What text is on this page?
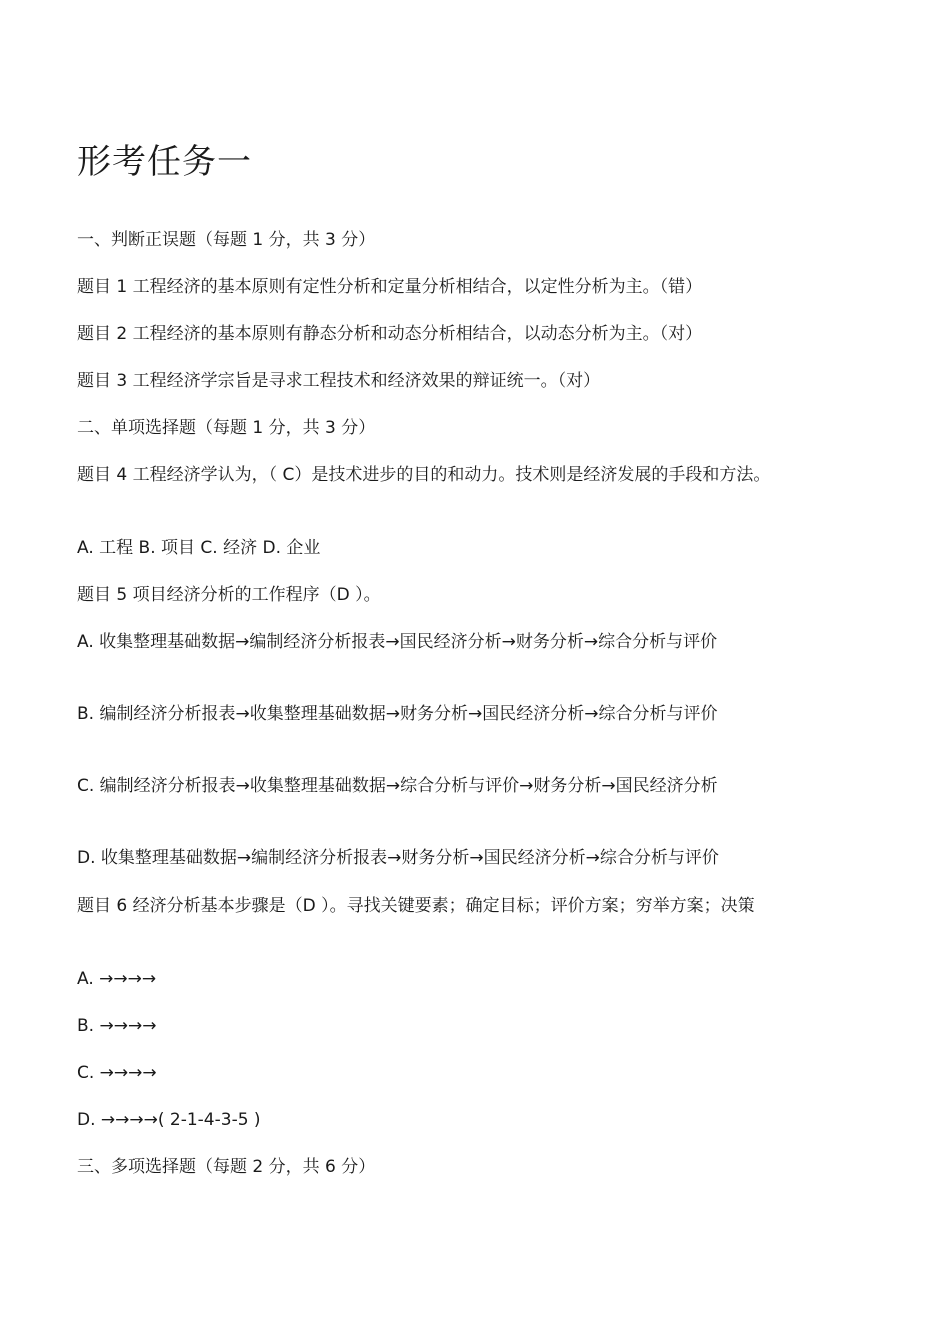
形考任务一

一、判断正误题（每题 1 分，共 3 分）

题目 1 工程经济的基本原则有定性分析和定量分析相结合，以定性分析为主。（错）

题目 2 工程经济的基本原则有静态分析和动态分析相结合，以动态分析为主。（对）

题目 3 工程经济学宗旨是寻求工程技术和经济效果的辩证统一。（对）

二、单项选择题（每题 1 分，共 3 分）

题目 4 工程经济学认为，（ C）是技术进步的目的和动力。技术则是经济发展的手段和方法。

A. 工程 B. 项目 C. 经济 D. 企业

题目 5 项目经济分析的工作程序（D ）。

A. 收集整理基础数据→编制经济分析报表→国民经济分析→财务分析→综合分析与评价

B. 编制经济分析报表→收集整理基础数据→财务分析→国民经济分析→综合分析与评价

C. 编制经济分析报表→收集整理基础数据→综合分析与评价→财务分析→国民经济分析

D. 收集整理基础数据→编制经济分析报表→财务分析→国民经济分析→综合分析与评价

题目 6 经济分析基本步骤是（D ）。寻找关键要素；确定目标；评价方案；穷举方案；决策

A. →→→→

B. →→→→

C. →→→→

D. →→→→( 2-1-4-3-5 )

三、多项选择题（每题 2 分，共 6 分）
